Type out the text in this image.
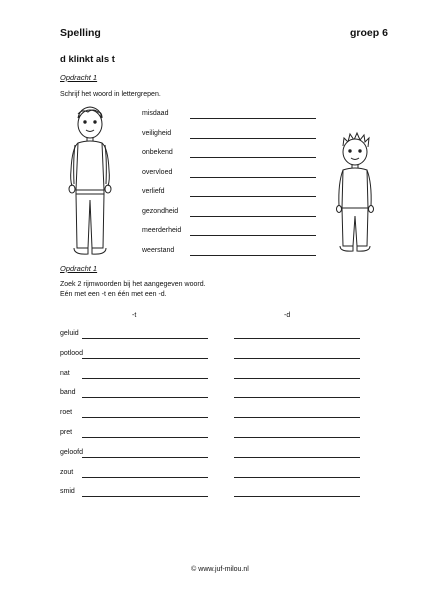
Spelling	groep 6
d klinkt als t
Opdracht 1
Schrijf het woord in lettergrepen.
misdaad
veiligheid
onbekend
overvloed
verliefd
gezondheid
meerderheid
weerstand
Opdracht 1
Zoek 2 rijmwoorden bij het aangegeven woord.
Eén met een -t en één met een -d.
-t	-d
geluid
potlood
nat
band
roet
pret
geloofd
zout
smid
© www.juf-milou.nl
